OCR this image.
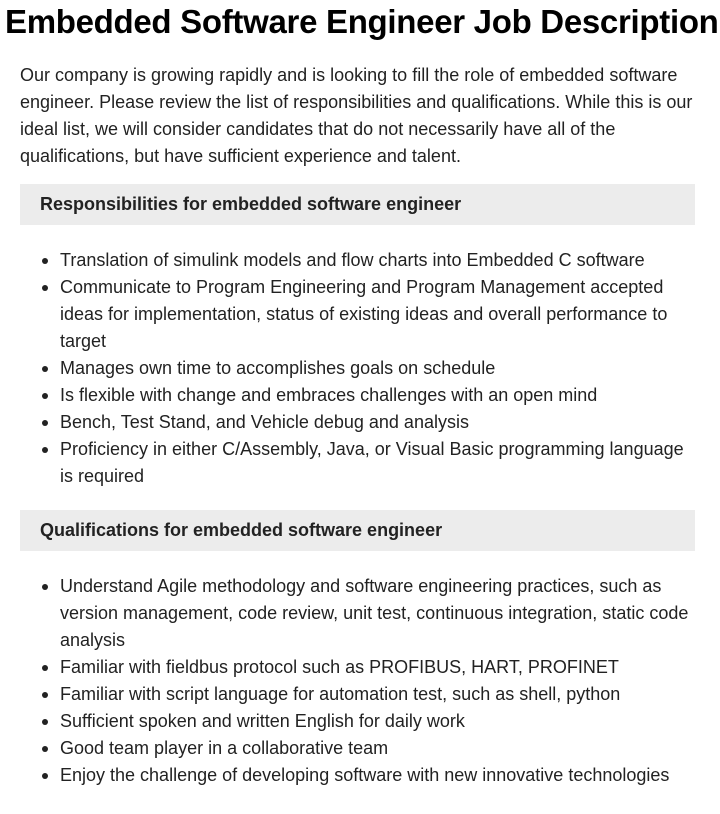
Embedded Software Engineer Job Description

Our company is growing rapidly and is looking to fill the role of embedded software engineer. Please review the list of responsibilities and qualifications. While this is our ideal list, we will consider candidates that do not necessarily have all of the qualifications, but have sufficient experience and talent.

Responsibilities for embedded software engineer
Translation of simulink models and flow charts into Embedded C software
Communicate to Program Engineering and Program Management accepted ideas for implementation, status of existing ideas and overall performance to target
Manages own time to accomplishes goals on schedule
Is flexible with change and embraces challenges with an open mind
Bench, Test Stand, and Vehicle debug and analysis
Proficiency in either C/Assembly, Java, or Visual Basic programming language is required
Qualifications for embedded software engineer
Understand Agile methodology and software engineering practices, such as version management, code review, unit test, continuous integration, static code analysis
Familiar with fieldbus protocol such as PROFIBUS, HART, PROFINET
Familiar with script language for automation test, such as shell, python
Sufficient spoken and written English for daily work
Good team player in a collaborative team
Enjoy the challenge of developing software with new innovative technologies
